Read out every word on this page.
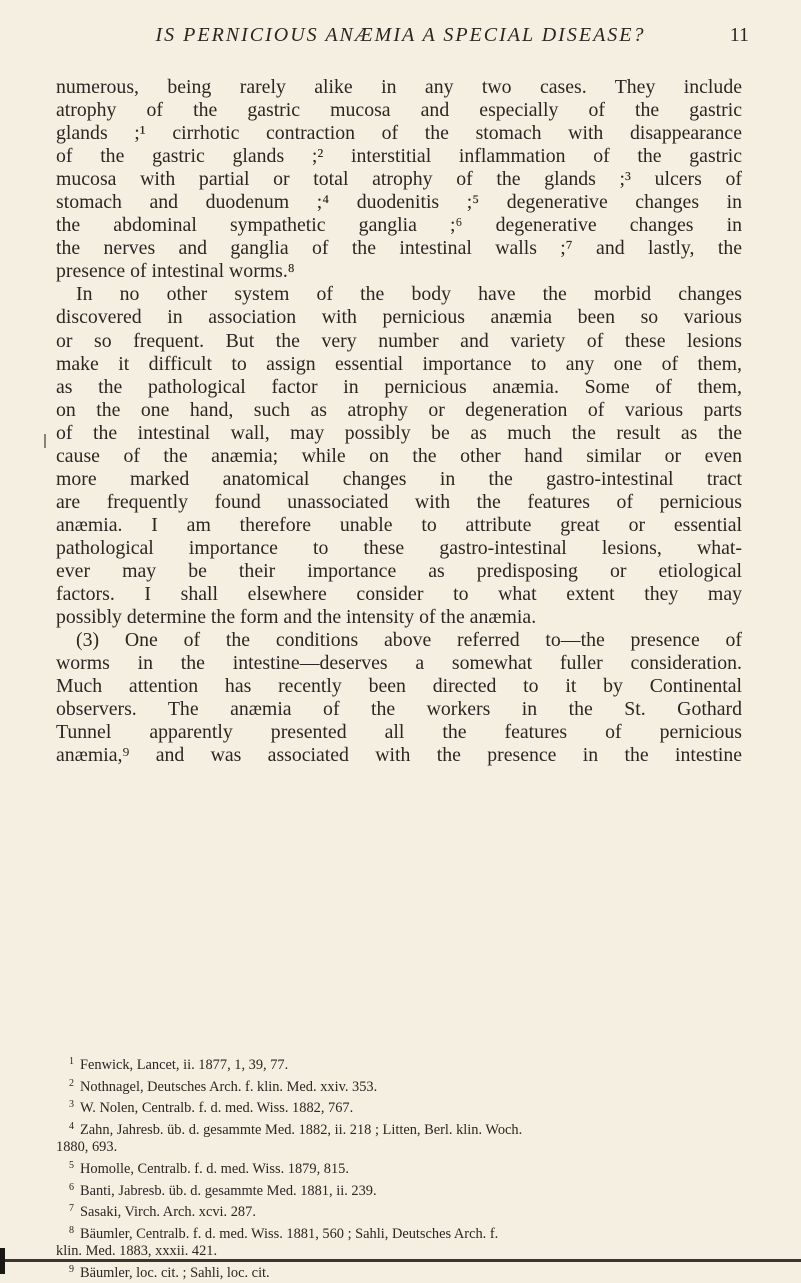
IS PERNICIOUS ANÆMIA A SPECIAL DISEASE?	11
numerous, being rarely alike in any two cases. They include
atrophy of the gastric mucosa and especially of the gastric
glands ;¹ cirrhotic contraction of the stomach with disappearance
of the gastric glands ;² interstitial inflammation of the gastric
mucosa with partial or total atrophy of the glands ;³ ulcers of
stomach and duodenum ;⁴ duodenitis ;⁵ degenerative changes in
the abdominal sympathetic ganglia ;⁶ degenerative changes in
the nerves and ganglia of the intestinal walls ;⁷ and lastly, the
presence of intestinal worms.⁸
In no other system of the body have the morbid changes
discovered in association with pernicious anæmia been so various
or so frequent. But the very number and variety of these lesions
make it difficult to assign essential importance to any one of them,
as the pathological factor in pernicious anæmia. Some of them,
on the one hand, such as atrophy or degeneration of various parts
of the intestinal wall, may possibly be as much the result as the
cause of the anæmia; while on the other hand similar or even
more marked anatomical changes in the gastro-intestinal tract
are frequently found unassociated with the features of pernicious
anæmia. I am therefore unable to attribute great or essential
pathological importance to these gastro-intestinal lesions, what-
ever may be their importance as predisposing or etiological
factors. I shall elsewhere consider to what extent they may
possibly determine the form and the intensity of the anæmia.
(3) One of the conditions above referred to—the presence of
worms in the intestine—deserves a somewhat fuller consideration.
Much attention has recently been directed to it by Continental
observers. The anæmia of the workers in the St. Gothard
Tunnel apparently presented all the features of pernicious
anæmia,⁹ and was associated with the presence in the intestine
1 Fenwick, Lancet, ii. 1877, 1, 39, 77.
2 Nothnagel, Deutsches Arch. f. klin. Med. xxiv. 353.
3 W. Nolen, Centralb. f. d. med. Wiss. 1882, 767.
4 Zahn, Jahresb. üb. d. gesammte Med. 1882, ii. 218 ; Litten, Berl. klin. Woch.
1880, 693.
5 Homolle, Centralb. f. d. med. Wiss. 1879, 815.
6 Banti, Jabresb. üb. d. gesammte Med. 1881, ii. 239.
7 Sasaki, Virch. Arch. xcvi. 287.
8 Bäumler, Centralb. f. d. med. Wiss. 1881, 560 ; Sahli, Deutsches Arch. f.
klin. Med. 1883, xxxii. 421.
9 Bäumler, loc. cit. ; Sahli, loc. cit.
